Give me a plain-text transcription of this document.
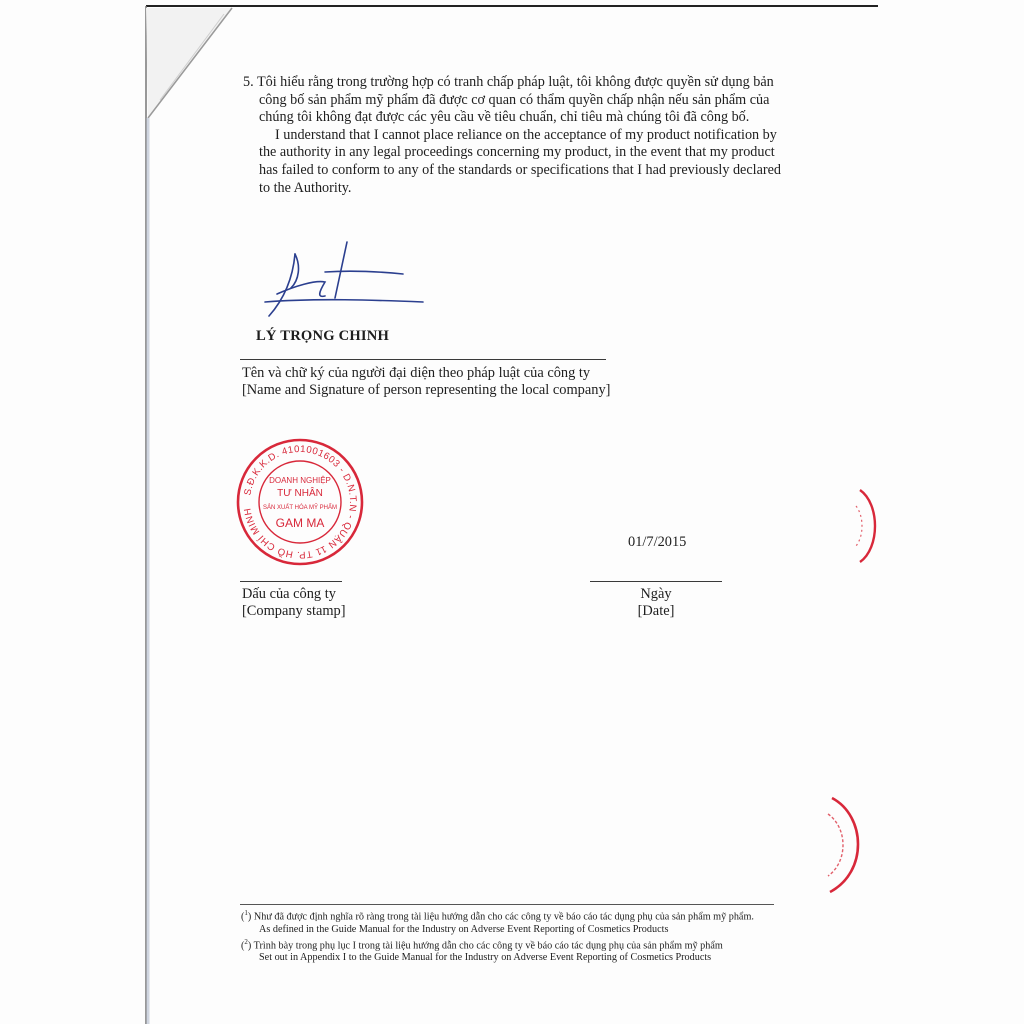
5. Tôi hiểu rằng trong trường hợp có tranh chấp pháp luật, tôi không được quyền sử dụng bản

công bố sản phẩm mỹ phẩm đã được cơ quan có thẩm quyền chấp nhận nếu sản phẩm của

chúng tôi không đạt được các yêu cầu về tiêu chuẩn, chỉ tiêu mà chúng tôi đã công bố.

I understand that I cannot place reliance on the acceptance of my product notification by

the authority in any legal proceedings concerning my product, in the event that my product

has failed to conform to any of the standards or specifications that I had previously declared

to the Authority.

LÝ TRỌNG CHINH
Tên và chữ ký của người đại diện theo pháp luật của công ty
[Name and Signature of person representing the local company]
S.Đ.K.K.D. 4101001603 - D.N.T.N - QUẬN 11 TP. HỒ CHÍ MINH
DOANH NGHIỆP
TƯ NHÂN
SẢN XUẤT HÓA MỸ PHẨM
GAM MA
01/7/2015
Dấu của công ty
[Company stamp]
Ngày
[Date]
($^1$) Như đã được định nghĩa rõ ràng trong tài liệu hướng dẫn cho các công ty về báo cáo tác dụng phụ của sản phẩm mỹ phẩm.
As defined in the Guide Manual for the Industry on Adverse Event Reporting of Cosmetics Products
($^2$) Trình bày trong phụ lục I trong tài liệu hướng dẫn cho các công ty về báo cáo tác dụng phụ của sản phẩm mỹ phẩm
Set out in Appendix I to the Guide Manual for the Industry on Adverse Event Reporting of Cosmetics Products
